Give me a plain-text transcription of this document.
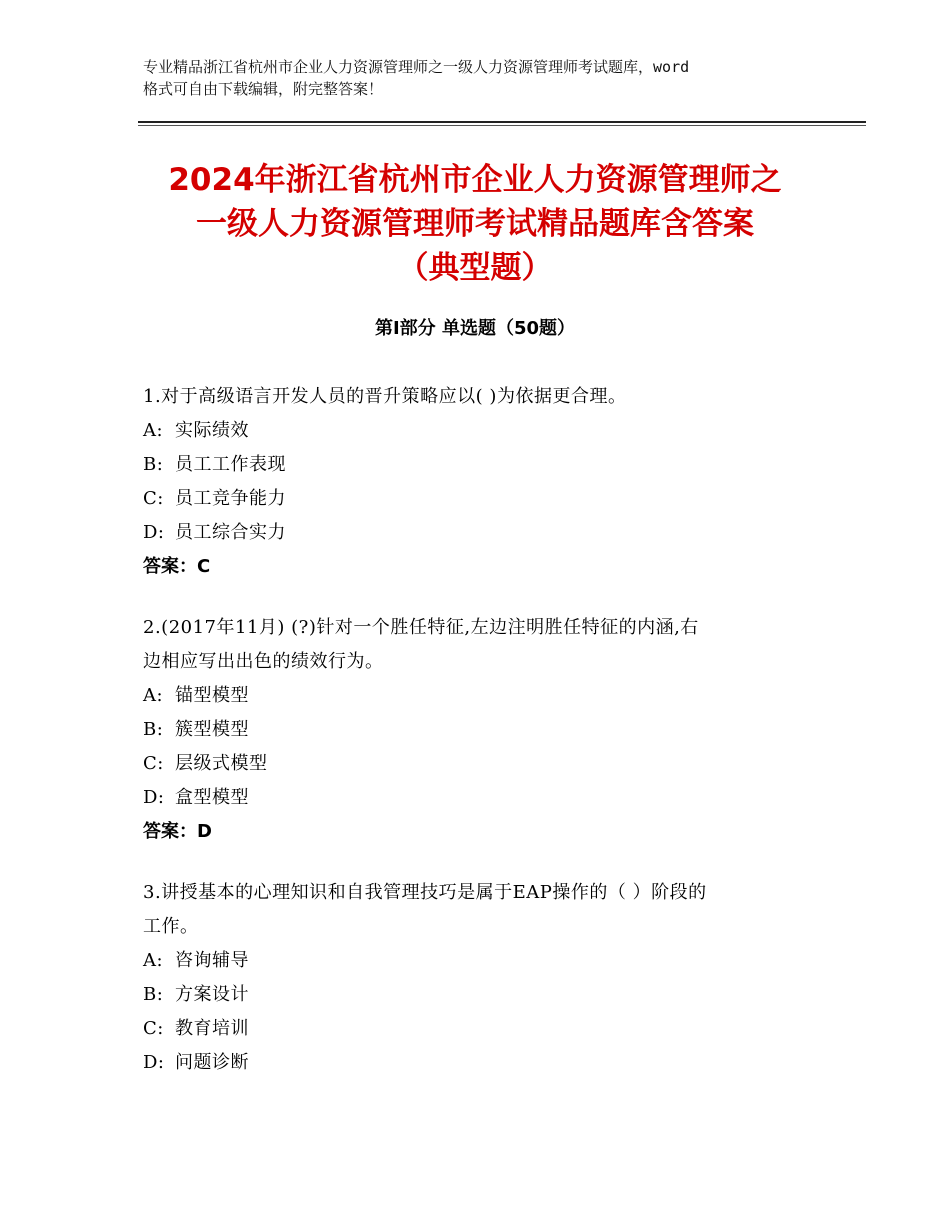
专业精品浙江省杭州市企业人力资源管理师之一级人力资源管理师考试题库，word
格式可自由下载编辑，附完整答案！
2024年浙江省杭州市企业人力资源管理师之
一级人力资源管理师考试精品题库含答案
（典型题）
第Ⅰ部分 单选题（50题）
1.对于高级语言开发人员的晋升策略应以( )为依据更合理。
A: 实际绩效
B: 员工工作表现
C: 员工竞争能力
D: 员工综合实力
答案：C
2.(2017年11月) (?)针对一个胜任特征,左边注明胜任特征的内涵,右
边相应写出出色的绩效行为。
A: 锚型模型
B: 簇型模型
C: 层级式模型
D: 盒型模型
答案：D
3.讲授基本的心理知识和自我管理技巧是属于EAP操作的（ ）阶段的
工作。
A: 咨询辅导
B: 方案设计
C: 教育培训
D: 问题诊断
